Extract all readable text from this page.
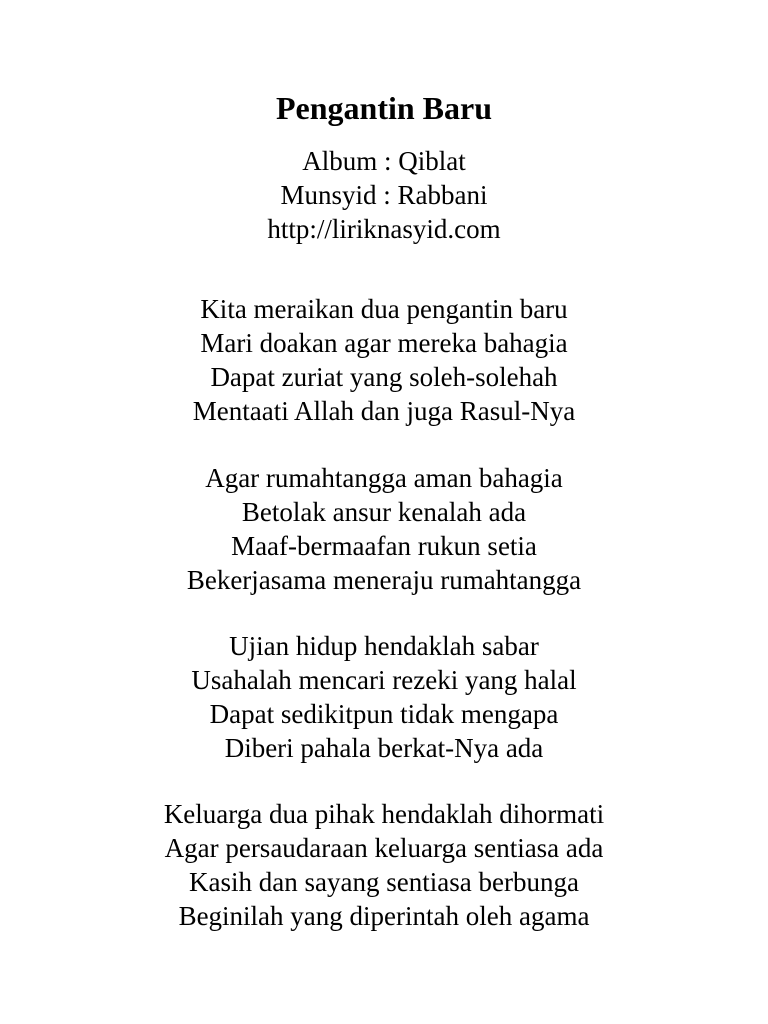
Pengantin Baru
Album : Qiblat
Munsyid : Rabbani
http://liriknasyid.com
Kita meraikan dua pengantin baru
Mari doakan agar mereka bahagia
Dapat zuriat yang soleh-solehah
Mentaati Allah dan juga Rasul-Nya
Agar rumahtangga aman bahagia
Betolak ansur kenalah ada
Maaf-bermaafan rukun setia
Bekerjasama meneraju rumahtangga
Ujian hidup hendaklah sabar
Usahalah mencari rezeki yang halal
Dapat sedikitpun tidak mengapa
Diberi pahala berkat-Nya ada
Keluarga dua pihak hendaklah dihormati
Agar persaudaraan keluarga sentiasa ada
Kasih dan sayang sentiasa berbunga
Beginilah yang diperintah oleh agama
